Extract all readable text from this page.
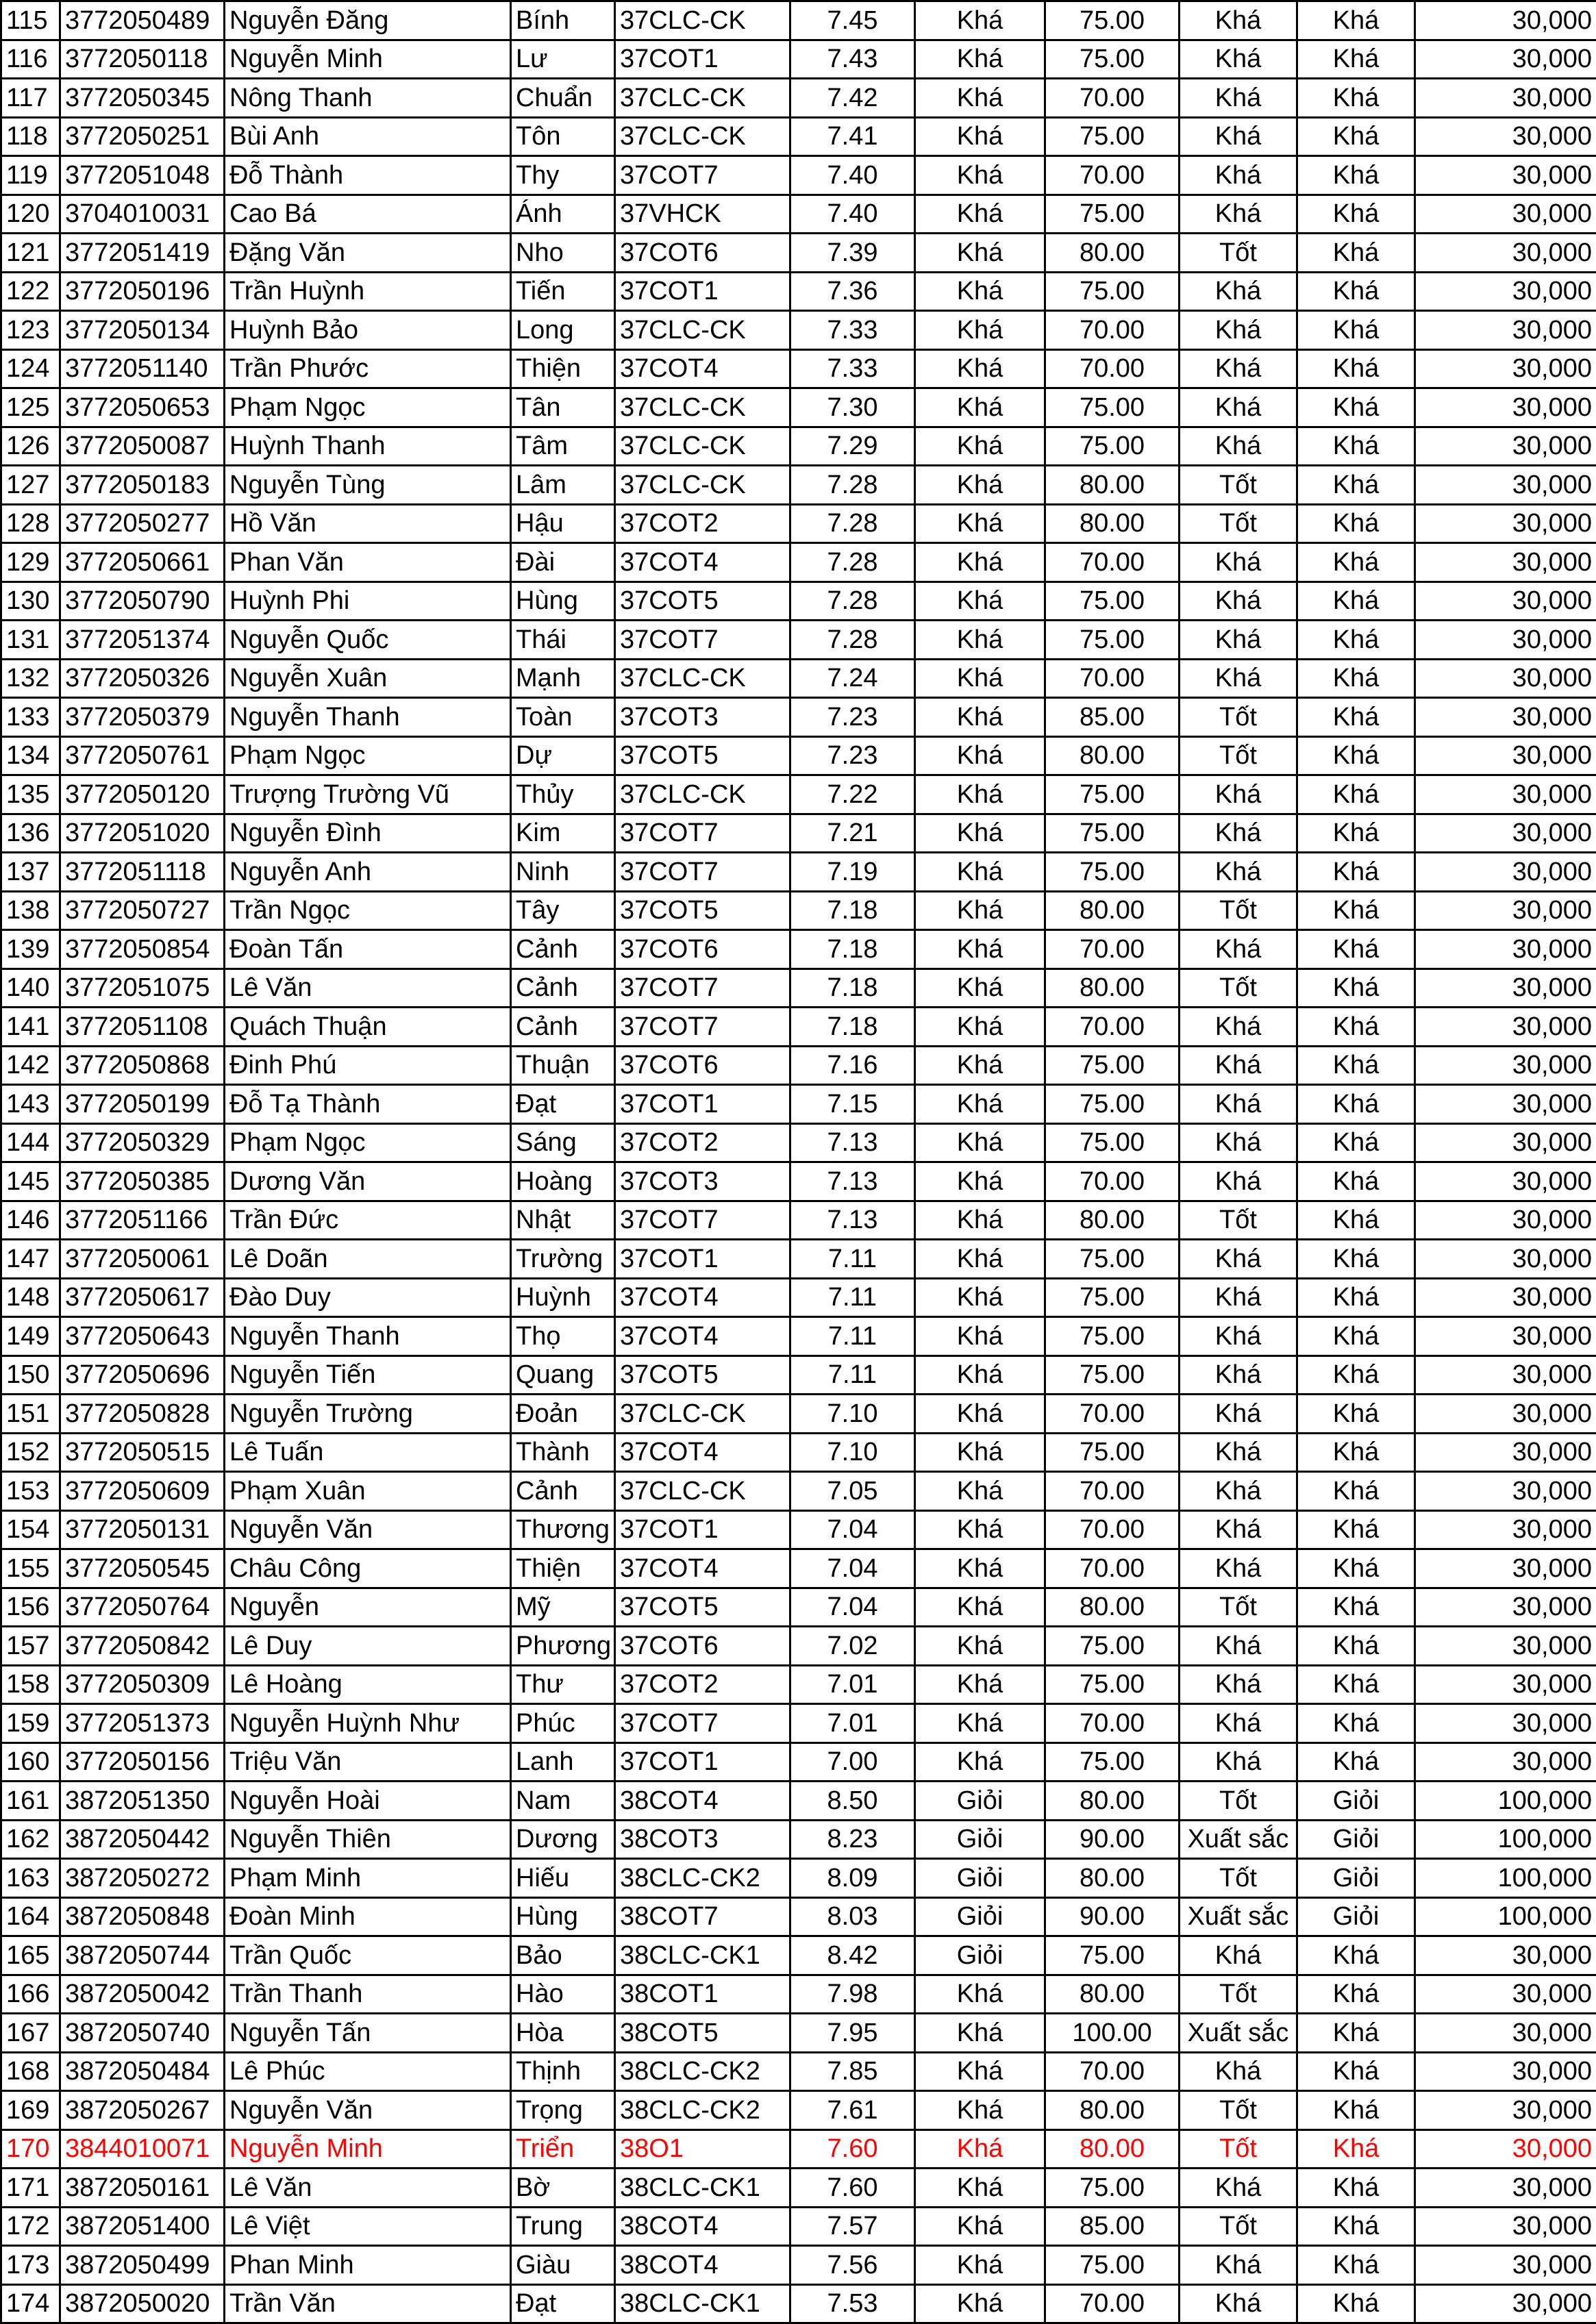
115	3772050489	Nguyễn Đăng	Bính	37CLC-CK	7.45	Khá	75.00	Khá	Khá	30,000
116	3772050118	Nguyễn Minh	Lư	37COT1	7.43	Khá	75.00	Khá	Khá	30,000
117	3772050345	Nông Thanh	Chuẩn	37CLC-CK	7.42	Khá	70.00	Khá	Khá	30,000
118	3772050251	Bùi Anh	Tôn	37CLC-CK	7.41	Khá	75.00	Khá	Khá	30,000
119	3772051048	Đỗ Thành	Thy	37COT7	7.40	Khá	70.00	Khá	Khá	30,000
120	3704010031	Cao Bá	Ánh	37VHCK	7.40	Khá	75.00	Khá	Khá	30,000
121	3772051419	Đặng Văn	Nho	37COT6	7.39	Khá	80.00	Tốt	Khá	30,000
122	3772050196	Trần Huỳnh	Tiến	37COT1	7.36	Khá	75.00	Khá	Khá	30,000
123	3772050134	Huỳnh Bảo	Long	37CLC-CK	7.33	Khá	70.00	Khá	Khá	30,000
124	3772051140	Trần Phước	Thiện	37COT4	7.33	Khá	70.00	Khá	Khá	30,000
125	3772050653	Phạm Ngọc	Tân	37CLC-CK	7.30	Khá	75.00	Khá	Khá	30,000
126	3772050087	Huỳnh Thanh	Tâm	37CLC-CK	7.29	Khá	75.00	Khá	Khá	30,000
127	3772050183	Nguyễn Tùng	Lâm	37CLC-CK	7.28	Khá	80.00	Tốt	Khá	30,000
128	3772050277	Hồ Văn	Hậu	37COT2	7.28	Khá	80.00	Tốt	Khá	30,000
129	3772050661	Phan Văn	Đài	37COT4	7.28	Khá	70.00	Khá	Khá	30,000
130	3772050790	Huỳnh Phi	Hùng	37COT5	7.28	Khá	75.00	Khá	Khá	30,000
131	3772051374	Nguyễn Quốc	Thái	37COT7	7.28	Khá	75.00	Khá	Khá	30,000
132	3772050326	Nguyễn Xuân	Mạnh	37CLC-CK	7.24	Khá	70.00	Khá	Khá	30,000
133	3772050379	Nguyễn Thanh	Toàn	37COT3	7.23	Khá	85.00	Tốt	Khá	30,000
134	3772050761	Phạm Ngọc	Dự	37COT5	7.23	Khá	80.00	Tốt	Khá	30,000
135	3772050120	Trượng Trường Vũ	Thủy	37CLC-CK	7.22	Khá	75.00	Khá	Khá	30,000
136	3772051020	Nguyễn Đình	Kim	37COT7	7.21	Khá	75.00	Khá	Khá	30,000
137	3772051118	Nguyễn Anh	Ninh	37COT7	7.19	Khá	75.00	Khá	Khá	30,000
138	3772050727	Trần Ngọc	Tây	37COT5	7.18	Khá	80.00	Tốt	Khá	30,000
139	3772050854	Đoàn Tấn	Cảnh	37COT6	7.18	Khá	70.00	Khá	Khá	30,000
140	3772051075	Lê Văn	Cảnh	37COT7	7.18	Khá	80.00	Tốt	Khá	30,000
141	3772051108	Quách Thuận	Cảnh	37COT7	7.18	Khá	70.00	Khá	Khá	30,000
142	3772050868	Đinh Phú	Thuận	37COT6	7.16	Khá	75.00	Khá	Khá	30,000
143	3772050199	Đỗ Tạ Thành	Đạt	37COT1	7.15	Khá	75.00	Khá	Khá	30,000
144	3772050329	Phạm Ngọc	Sáng	37COT2	7.13	Khá	75.00	Khá	Khá	30,000
145	3772050385	Dương Văn	Hoàng	37COT3	7.13	Khá	70.00	Khá	Khá	30,000
146	3772051166	Trần Đức	Nhật	37COT7	7.13	Khá	80.00	Tốt	Khá	30,000
147	3772050061	Lê Doãn	Trường	37COT1	7.11	Khá	75.00	Khá	Khá	30,000
148	3772050617	Đào Duy	Huỳnh	37COT4	7.11	Khá	75.00	Khá	Khá	30,000
149	3772050643	Nguyễn Thanh	Thọ	37COT4	7.11	Khá	75.00	Khá	Khá	30,000
150	3772050696	Nguyễn Tiến	Quang	37COT5	7.11	Khá	75.00	Khá	Khá	30,000
151	3772050828	Nguyễn Trường	Đoản	37CLC-CK	7.10	Khá	70.00	Khá	Khá	30,000
152	3772050515	Lê Tuấn	Thành	37COT4	7.10	Khá	75.00	Khá	Khá	30,000
153	3772050609	Phạm Xuân	Cảnh	37CLC-CK	7.05	Khá	70.00	Khá	Khá	30,000
154	3772050131	Nguyễn Văn	Thương	37COT1	7.04	Khá	70.00	Khá	Khá	30,000
155	3772050545	Châu Công	Thiện	37COT4	7.04	Khá	70.00	Khá	Khá	30,000
156	3772050764	Nguyễn	Mỹ	37COT5	7.04	Khá	80.00	Tốt	Khá	30,000
157	3772050842	Lê Duy	Phương	37COT6	7.02	Khá	75.00	Khá	Khá	30,000
158	3772050309	Lê Hoàng	Thư	37COT2	7.01	Khá	75.00	Khá	Khá	30,000
159	3772051373	Nguyễn Huỳnh Như	Phúc	37COT7	7.01	Khá	70.00	Khá	Khá	30,000
160	3772050156	Triệu Văn	Lanh	37COT1	7.00	Khá	75.00	Khá	Khá	30,000
161	3872051350	Nguyễn Hoài	Nam	38COT4	8.50	Giỏi	80.00	Tốt	Giỏi	100,000
162	3872050442	Nguyễn Thiên	Dương	38COT3	8.23	Giỏi	90.00	Xuất sắc	Giỏi	100,000
163	3872050272	Phạm Minh	Hiếu	38CLC-CK2	8.09	Giỏi	80.00	Tốt	Giỏi	100,000
164	3872050848	Đoàn Minh	Hùng	38COT7	8.03	Giỏi	90.00	Xuất sắc	Giỏi	100,000
165	3872050744	Trần Quốc	Bảo	38CLC-CK1	8.42	Giỏi	75.00	Khá	Khá	30,000
166	3872050042	Trần Thanh	Hào	38COT1	7.98	Khá	80.00	Tốt	Khá	30,000
167	3872050740	Nguyễn Tấn	Hòa	38COT5	7.95	Khá	100.00	Xuất sắc	Khá	30,000
168	3872050484	Lê Phúc	Thịnh	38CLC-CK2	7.85	Khá	70.00	Khá	Khá	30,000
169	3872050267	Nguyễn Văn	Trọng	38CLC-CK2	7.61	Khá	80.00	Tốt	Khá	30,000
170	3844010071	Nguyễn Minh	Triển	38O1	7.60	Khá	80.00	Tốt	Khá	30,000
171	3872050161	Lê Văn	Bờ	38CLC-CK1	7.60	Khá	75.00	Khá	Khá	30,000
172	3872051400	Lê Việt	Trung	38COT4	7.57	Khá	85.00	Tốt	Khá	30,000
173	3872050499	Phan Minh	Giàu	38COT4	7.56	Khá	75.00	Khá	Khá	30,000
174	3872050020	Trần Văn	Đạt	38CLC-CK1	7.53	Khá	70.00	Khá	Khá	30,000
